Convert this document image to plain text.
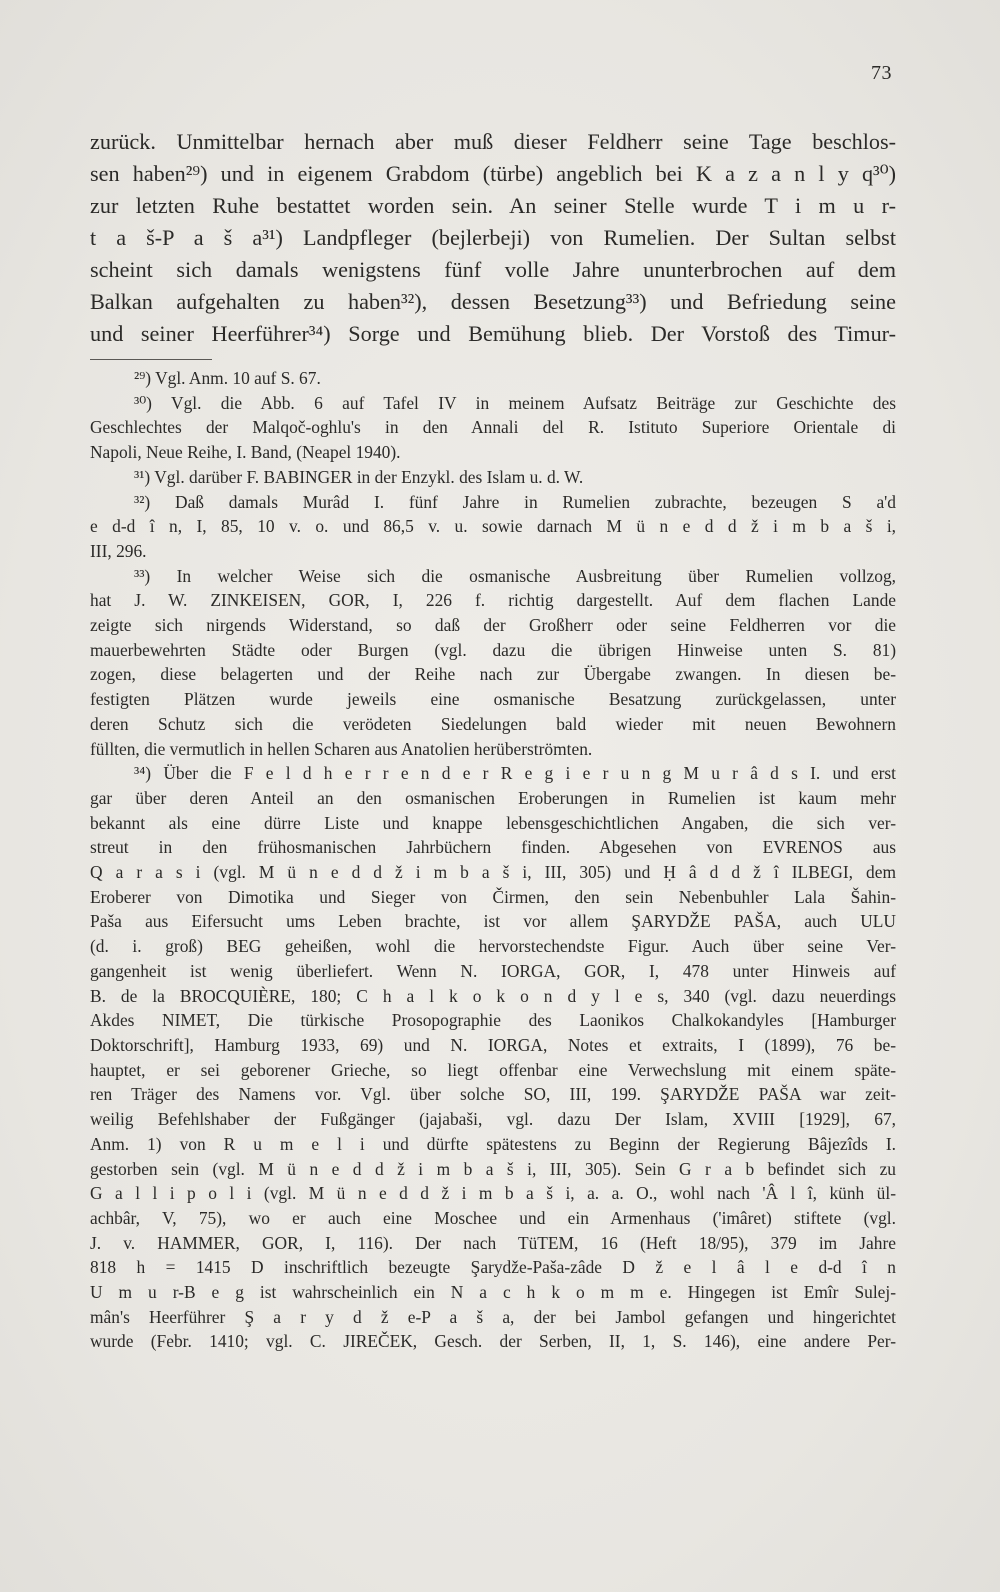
73
zurück. Unmittelbar hernach aber muß dieser Feldherr seine Tage beschlos-
sen haben²⁹) und in eigenem Grabdom (türbe) angeblich bei K a z a n l y q³⁰)
zur letzten Ruhe bestattet worden sein. An seiner Stelle wurde T i m u r-
t a š-P a š a³¹) Landpfleger (bejlerbeji) von Rumelien. Der Sultan selbst
scheint sich damals wenigstens fünf volle Jahre ununterbrochen auf dem
Balkan aufgehalten zu haben³²), dessen Besetzung³³) und Befriedung seine
und seiner Heerführer³⁴) Sorge und Bemühung blieb. Der Vorstoß des Timur-
²⁹) Vgl. Anm. 10 auf S. 67.
³⁰) Vgl. die Abb. 6 auf Tafel IV in meinem Aufsatz Beiträge zur Geschichte des
Geschlechtes der Malqoč-oghlu's in den Annali del R. Istituto Superiore Orientale di
Napoli, Neue Reihe, I. Band, (Neapel 1940).
³¹) Vgl. darüber F. BABINGER in der Enzykl. des Islam u. d. W.
³²) Daß damals Murâd I. fünf Jahre in Rumelien zubrachte, bezeugen S a'd
e d-d î n, I, 85, 10 v. o. und 86,5 v. u. sowie darnach M ü n e d d ž i m b a š i,
III, 296.
³³) In welcher Weise sich die osmanische Ausbreitung über Rumelien vollzog,
hat J. W. ZINKEISEN, GOR, I, 226 f. richtig dargestellt. Auf dem flachen Lande
zeigte sich nirgends Widerstand, so daß der Großherr oder seine Feldherren vor die
mauerbewehrten Städte oder Burgen (vgl. dazu die übrigen Hinweise unten S. 81)
zogen, diese belagerten und der Reihe nach zur Übergabe zwangen. In diesen be-
festigten Plätzen wurde jeweils eine osmanische Besatzung zurückgelassen, unter
deren Schutz sich die verödeten Siedelungen bald wieder mit neuen Bewohnern
füllten, die vermutlich in hellen Scharen aus Anatolien herüberströmten.
³⁴) Über die F e l d h e r r e n d e r R e g i e r u n g M u r â d s I. und erst
gar über deren Anteil an den osmanischen Eroberungen in Rumelien ist kaum mehr
bekannt als eine dürre Liste und knappe lebensgeschichtlichen Angaben, die sich ver-
streut in den frühosmanischen Jahrbüchern finden. Abgesehen von EVRENOS aus
Q a r a s i (vgl. M ü n e d d ž i m b a š i, III, 305) und Ḥ â d d ž î ILBEGI, dem
Eroberer von Dimotika und Sieger von Čirmen, den sein Nebenbuhler Lala Šahin-
Paša aus Eifersucht ums Leben brachte, ist vor allem ŞARYDŽE PAŠA, auch ULU
(d. i. groß) BEG geheißen, wohl die hervorstechendste Figur. Auch über seine Ver-
gangenheit ist wenig überliefert. Wenn N. IORGA, GOR, I, 478 unter Hinweis auf
B. de la BROCQUIÈRE, 180; C h a l k o k o n d y l e s, 340 (vgl. dazu neuerdings
Akdes NIMET, Die türkische Prosopographie des Laonikos Chalkokandyles [Hamburger
Doktorschrift], Hamburg 1933, 69) und N. IORGA, Notes et extraits, I (1899), 76 be-
hauptet, er sei geborener Grieche, so liegt offenbar eine Verwechslung mit einem späte-
ren Träger des Namens vor. Vgl. über solche SO, III, 199. ŞARYDŽE PAŠA war zeit-
weilig Befehlshaber der Fußgänger (jajabaši, vgl. dazu Der Islam, XVIII [1929], 67,
Anm. 1) von R u m e l i und dürfte spätestens zu Beginn der Regierung Bâjezîds I.
gestorben sein (vgl. M ü n e d d ž i m b a š i, III, 305). Sein G r a b befindet sich zu
G a l l i p o l i (vgl. M ü n e d d ž i m b a š i, a. a. O., wohl nach 'Â l î, künh ül-
achbâr, V, 75), wo er auch eine Moschee und ein Armenhaus ('imâret) stiftete (vgl.
J. v. HAMMER, GOR, I, 116). Der nach TüTEM, 16 (Heft 18/95), 379 im Jahre
818 h = 1415 D inschriftlich bezeugte Şarydže-Paša-zâde D ž e l â l e d-d î n
U m u r-B e g ist wahrscheinlich ein N a c h k o m m e. Hingegen ist Emîr Sulej-
mân's Heerführer Ş a r y d ž e-P a š a, der bei Jambol gefangen und hingerichtet
wurde (Febr. 1410; vgl. C. JIREČEK, Gesch. der Serben, II, 1, S. 146), eine andere Per-
